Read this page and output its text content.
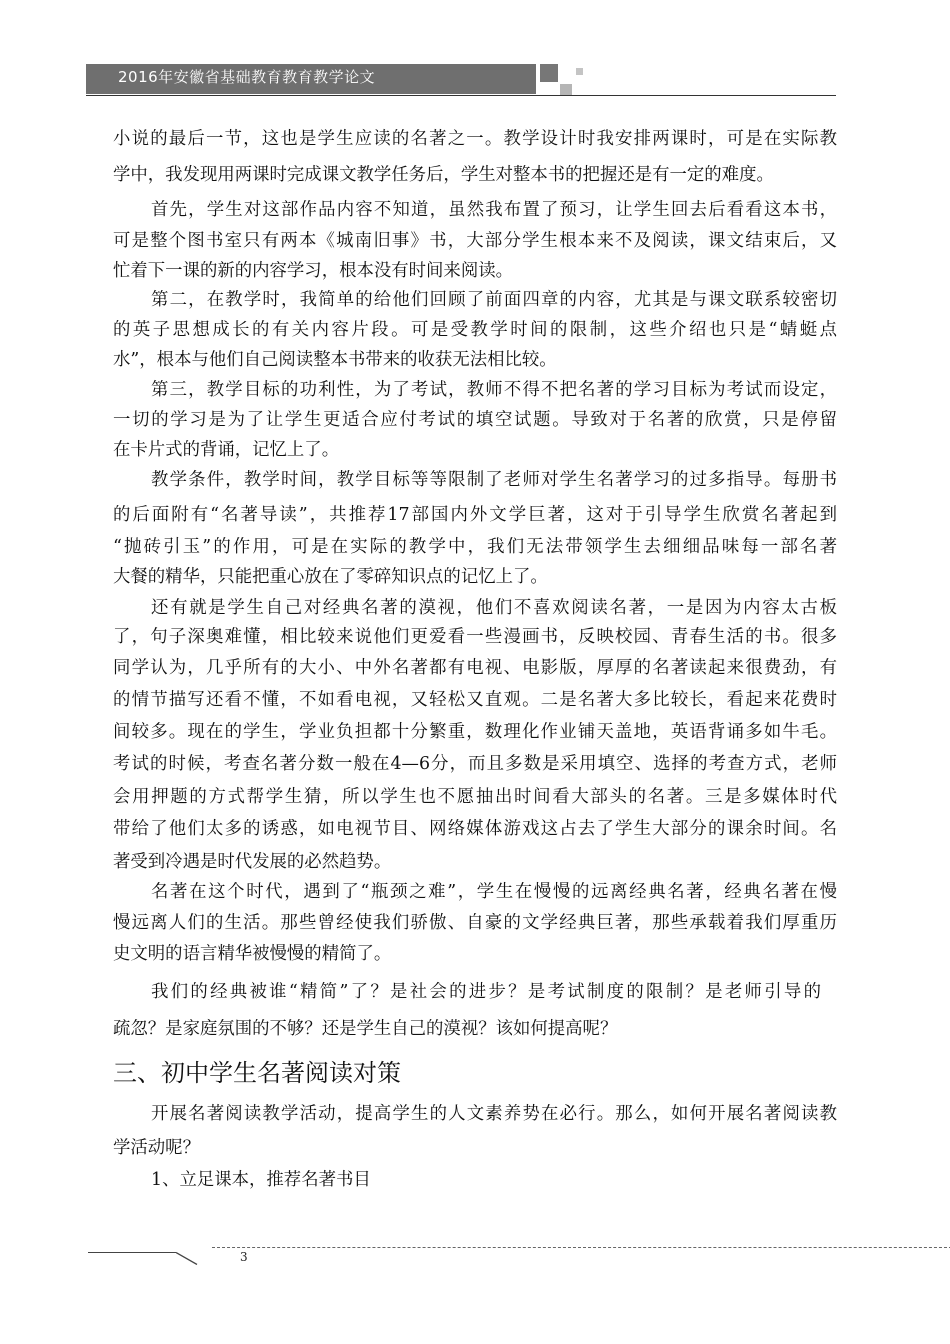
2016年安徽省基础教育教育教学论文
小说的最后一节，这也是学生应读的名著之一。教学设计时我安排两课时，可是在实际教
学中，我发现用两课时完成课文教学任务后，学生对整本书的把握还是有一定的难度。
首先，学生对这部作品内容不知道，虽然我布置了预习，让学生回去后看看这本书，
可是整个图书室只有两本《城南旧事》书，大部分学生根本来不及阅读，课文结束后，又
忙着下一课的新的内容学习，根本没有时间来阅读。
第二，在教学时，我简单的给他们回顾了前面四章的内容，尤其是与课文联系较密切
的英子思想成长的有关内容片段。可是受教学时间的限制，这些介绍也只是“蜻蜓点
水”，根本与他们自己阅读整本书带来的收获无法相比较。
第三，教学目标的功利性，为了考试，教师不得不把名著的学习目标为考试而设定，
一切的学习是为了让学生更适合应付考试的填空试题。导致对于名著的欣赏，只是停留
在卡片式的背诵，记忆上了。
教学条件，教学时间，教学目标等等限制了老师对学生名著学习的过多指导。每册书
的后面附有“名著导读”，共推荐17部国内外文学巨著，这对于引导学生欣赏名著起到
“抛砖引玉”的作用，可是在实际的教学中，我们无法带领学生去细细品味每一部名著
大餐的精华，只能把重心放在了零碎知识点的记忆上了。
还有就是学生自己对经典名著的漠视，他们不喜欢阅读名著，一是因为内容太古板
了，句子深奥难懂，相比较来说他们更爱看一些漫画书，反映校园、青春生活的书。很多
同学认为，几乎所有的大小、中外名著都有电视、电影版，厚厚的名著读起来很费劲，有
的情节描写还看不懂，不如看电视，又轻松又直观。二是名著大多比较长，看起来花费时
间较多。现在的学生，学业负担都十分繁重，数理化作业铺天盖地，英语背诵多如牛毛。
考试的时候，考查名著分数一般在4—6分，而且多数是采用填空、选择的考查方式，老师
会用押题的方式帮学生猜，所以学生也不愿抽出时间看大部头的名著。三是多媒体时代
带给了他们太多的诱惑，如电视节目、网络媒体游戏这占去了学生大部分的课余时间。名
著受到冷遇是时代发展的必然趋势。
名著在这个时代，遇到了“瓶颈之难”，学生在慢慢的远离经典名著，经典名著在慢
慢远离人们的生活。那些曾经使我们骄傲、自豪的文学经典巨著，那些承载着我们厚重历
史文明的语言精华被慢慢的精简了。
我们的经典被谁“精简”了？是社会的进步？是考试制度的限制？是老师引导的
疏忽？是家庭氛围的不够？还是学生自己的漠视？该如何提高呢？
三、初中学生名著阅读对策
开展名著阅读教学活动，提高学生的人文素养势在必行。那么，如何开展名著阅读教
学活动呢？
1、立足课本，推荐名著书目
3
